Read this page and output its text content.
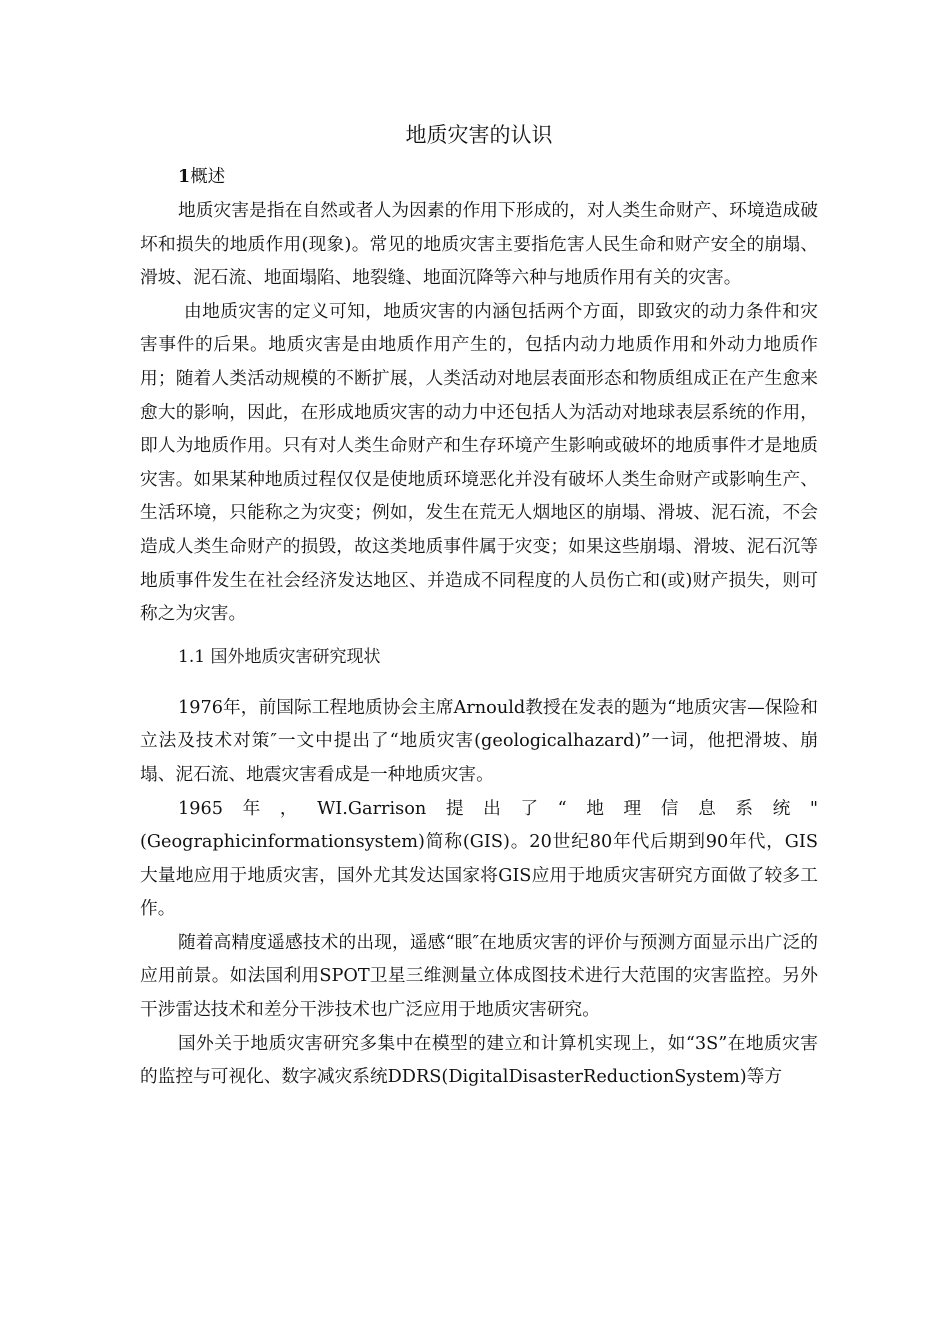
地质灾害的认识
1概述

地质灾害是指在自然或者人为因素的作用下形成的，对人类生命财产、环境造成破坏和损失的地质作用(现象)。常见的地质灾害主要指危害人民生命和财产安全的崩塌、滑坡、泥石流、地面塌陷、地裂缝、地面沉降等六种与地质作用有关的灾害。

由地质灾害的定义可知，地质灾害的内涵包括两个方面，即致灾的动力条件和灾害事件的后果。地质灾害是由地质作用产生的，包括内动力地质作用和外动力地质作用；随着人类活动规模的不断扩展，人类活动对地层表面形态和物质组成正在产生愈来愈大的影响，因此，在形成地质灾害的动力中还包括人为活动对地球表层系统的作用，即人为地质作用。只有对人类生命财产和生存环境产生影响或破坏的地质事件才是地质灾害。如果某种地质过程仅仅是使地质环境恶化并没有破坏人类生命财产或影响生产、生活环境，只能称之为灾变；例如，发生在荒无人烟地区的崩塌、滑坡、泥石流，不会造成人类生命财产的损毁，故这类地质事件属于灾变；如果这些崩塌、滑坡、泥石沉等地质事件发生在社会经济发达地区、并造成不同程度的人员伤亡和(或)财产损失，则可称之为灾害。

1.1 国外地质灾害研究现状

1976年，前国际工程地质协会主席Arnould教授在发表的题为“地质灾害—保险和立法及技术对策″一文中提出了“地质灾害(geologicalhazard)”一词，他把滑坡、崩塌、泥石流、地震灾害看成是一种地质灾害。

1965年，WI.Garrison提出了“地理信息系统"(Geographicinformationsystem)简称(GIS)。20世纪80年代后期到90年代，GIS大量地应用于地质灾害，国外尤其发达国家将GIS应用于地质灾害研究方面做了较多工作。

随着高精度遥感技术的出现，遥感“眼″在地质灾害的评价与预测方面显示出广泛的应用前景。如法国利用SPOT卫星三维测量立体成图技术进行大范围的灾害监控。另外干涉雷达技术和差分干涉技术也广泛应用于地质灾害研究。

国外关于地质灾害研究多集中在模型的建立和计算机实现上，如“3S”在地质灾害的监控与可视化、数字减灾系统DDRS(DigitalDisasterReductionSystem)等方
